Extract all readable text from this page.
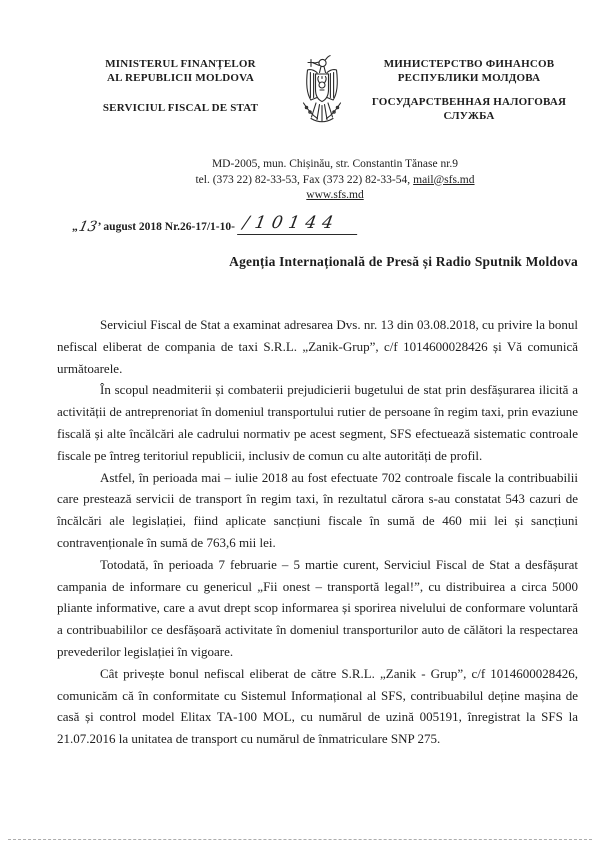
MINISTERUL FINANȚELOR
AL REPUBLICII MOLDOVA
SERVICIUL FISCAL DE STAT
МИНИСТЕРСТВО ФИНАНСОВ
РЕСПУБЛИКИ МОЛДОВА
ГОСУДАРСТВЕННАЯ НАЛОГОВАЯ
СЛУЖБА
MD-2005, mun. Chișinău, str. Constantin Tănase nr.9
tel. (373 22) 82-33-53, Fax (373 22) 82-33-54, mail@sfs.md
www.sfs.md
„13’ august 2018 Nr.26-17/1-10- /10144
Agenția Internațională de Presă și Radio Sputnik Moldova

Serviciul Fiscal de Stat a examinat adresarea Dvs. nr. 13 din 03.08.2018, cu privire la bonul nefiscal eliberat de compania de taxi S.R.L. „Zanik-Grup”, c/f 1014600028426 și Vă comunică următoarele.

În scopul neadmiterii și combaterii prejudicierii bugetului de stat prin desfășurarea ilicită a activității de antreprenoriat în domeniul transportului rutier de persoane în regim taxi, prin evaziune fiscală și alte încălcări ale cadrului normativ pe acest segment, SFS efectuează sistematic controale fiscale pe întreg teritoriul republicii, inclusiv de comun cu alte autorități de profil.

Astfel, în perioada mai – iulie 2018 au fost efectuate 702 controale fiscale la contribuabilii care prestează servicii de transport în regim taxi, în rezultatul cărora s-au constatat 543 cazuri de încălcări ale legislației, fiind aplicate sancțiuni fiscale în sumă de 460 mii lei și sancțiuni contravenționale în sumă de 763,6 mii lei.

Totodată, în perioada 7 februarie – 5 martie curent, Serviciul Fiscal de Stat a desfășurat campania de informare cu genericul „Fii onest – transportă legal!”, cu distribuirea a circa 5000 pliante informative, care a avut drept scop informarea și sporirea nivelului de conformare voluntară a contribuabililor ce desfășoară activitate în domeniul transporturilor auto de călători la respectarea prevederilor legislației în vigoare.

Cât privește bonul nefiscal eliberat de către S.R.L. „Zanik - Grup”, c/f 1014600028426, comunicăm că în conformitate cu Sistemul Informațional al SFS, contribuabilul deține mașina de casă și control model Elitax TA-100 MOL, cu numărul de uzină 005191, înregistrat la SFS la 21.07.2016 la unitatea de transport cu numărul de înmatriculare SNP 275.
